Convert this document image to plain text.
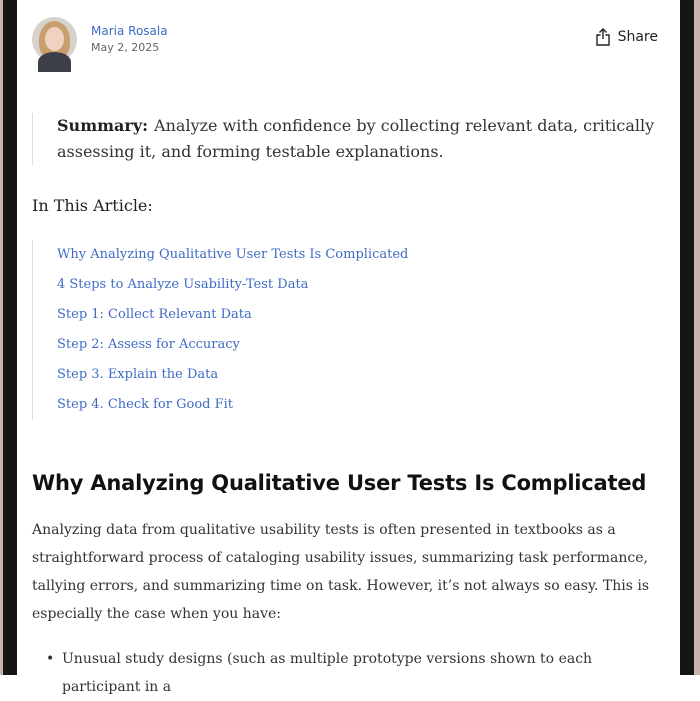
Maria Rosala
May 2, 2025
Share
Summary: Analyze with confidence by collecting relevant data, critically assessing it, and forming testable explanations.
In This Article:
Why Analyzing Qualitative User Tests Is Complicated
4 Steps to Analyze Usability-Test Data
Step 1: Collect Relevant Data
Step 2: Assess for Accuracy
Step 3. Explain the Data
Step 4. Check for Good Fit
Why Analyzing Qualitative User Tests Is Complicated
Analyzing data from qualitative usability tests is often presented in textbooks as a straightforward process of cataloging usability issues, summarizing task performance, tallying errors, and summarizing time on task. However, it’s not always so easy. This is especially the case when you have:
• Unusual study designs (such as multiple prototype versions shown to each participant in a
